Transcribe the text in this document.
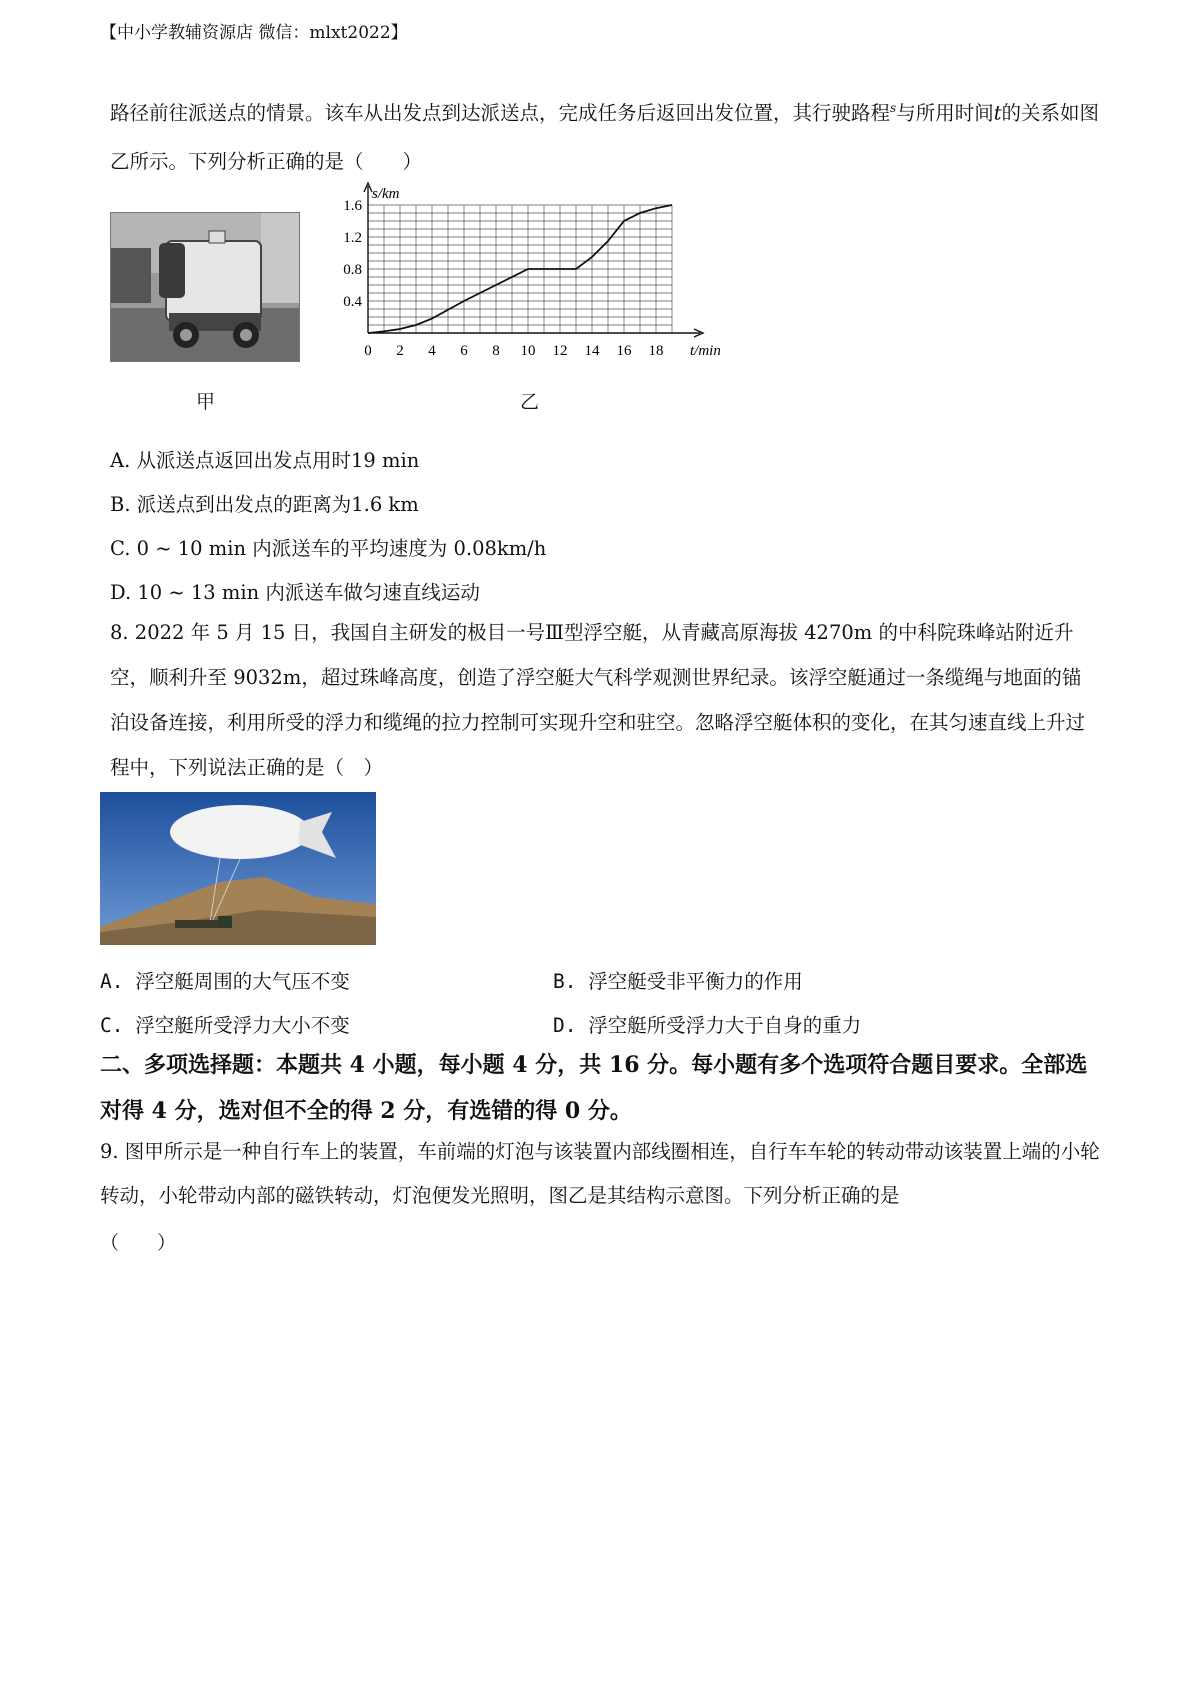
【中小学教辅资源店 微信：mlxt2022】
路径前往派送点的情景。该车从出发点到达派送点，完成任务后返回出发位置，其行驶路程$^s$与所用时间t的关系如图乙所示。下列分析正确的是（　　）
甲
0 2 4 6 8 10 12 14 16 18
0.4
0.8
1.2
1.6
s/km
t/min
乙
A. 从派送点返回出发点用时19 min
B. 派送点到出发点的距离为1.6 km
C. 0 ~ 10 min 内派送车的平均速度为 0.08km/h
D. 10 ~ 13 min 内派送车做匀速直线运动
8. 2022 年 5 月 15 日，我国自主研发的极目一号Ⅲ型浮空艇，从青藏高原海拔 4270m 的中科院珠峰站附近升空，顺利升至 9032m，超过珠峰高度，创造了浮空艇大气科学观测世界纪录。该浮空艇通过一条缆绳与地面的锚泊设备连接，利用所受的浮力和缆绳的拉力控制可实现升空和驻空。忽略浮空艇体积的变化，在其匀速直线上升过程中，下列说法正确的是（　）
A. 浮空艇周围的大气压不变	B. 浮空艇受非平衡力的作用
C. 浮空艇所受浮力大小不变	D. 浮空艇所受浮力大于自身的重力
二、多项选择题：本题共 4 小题，每小题 4 分，共 16 分。每小题有多个选项符合题目要求。全部选对得 4 分，选对但不全的得 2 分，有选错的得 0 分。
9. 图甲所示是一种自行车上的装置，车前端的灯泡与该装置内部线圈相连，自行车车轮的转动带动该装置上端的小轮转动，小轮带动内部的磁铁转动，灯泡便发光照明，图乙是其结构示意图。下列分析正确的是
（　　）
